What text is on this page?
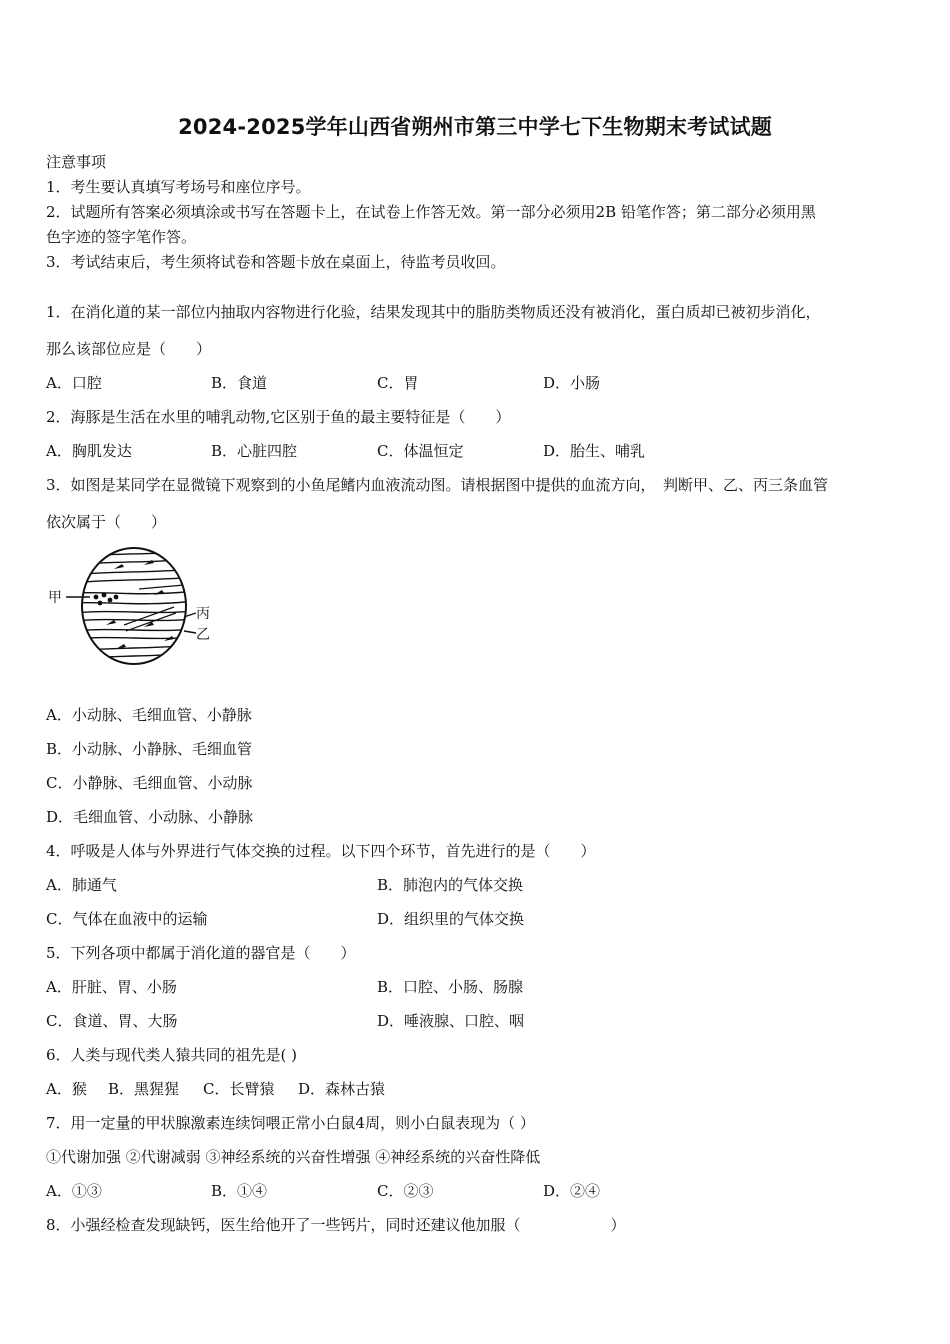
2024-2025学年山西省朔州市第三中学七下生物期末考试试题
注意事项
1．考生要认真填写考场号和座位序号。
2．试题所有答案必须填涂或书写在答题卡上，在试卷上作答无效。第一部分必须用2B 铅笔作答；第二部分必须用黑
色字迹的签字笔作答。
3．考试结束后，考生须将试卷和答题卡放在桌面上，待监考员收回。
1．在消化道的某一部位内抽取内容物进行化验，结果发现其中的脂肪类物质还没有被消化，蛋白质却已被初步消化，
那么该部位应是（　　）
A．口腔	B．食道	C．胃	D．小肠
2．海豚是生活在水里的哺乳动物,它区别于鱼的最主要特征是（　　）
A．胸肌发达	B．心脏四腔	C．体温恒定	D．胎生、哺乳
3．如图是某同学在显微镜下观察到的小鱼尾鳍内血液流动图。请根据图中提供的血流方向，　判断甲、乙、丙三条血管
依次属于（　　）
甲
丙
乙
A．小动脉、毛细血管、小静脉
B．小动脉、小静脉、毛细血管
C．小静脉、毛细血管、小动脉
D．毛细血管、小动脉、小静脉
4．呼吸是人体与外界进行气体交换的过程。以下四个环节，首先进行的是（　　）
A．肺通气	B．肺泡内的气体交换
C．气体在血液中的运输	D．组织里的气体交换
5．下列各项中都属于消化道的器官是（　　）
A．肝脏、胃、小肠	B．口腔、小肠、肠腺
C．食道、胃、大肠	D．唾液腺、口腔、咽
6．人类与现代类人猿共同的祖先是( )
A．猴 B．黑猩猩 C．长臂猿 D．森林古猿
7．用一定量的甲状腺激素连续饲喂正常小白鼠4周，则小白鼠表现为（ ）
①代谢加强 ②代谢减弱 ③神经系统的兴奋性增强 ④神经系统的兴奋性降低
A．①③	B．①④	C．②③	D．②④
8．小强经检查发现缺钙，医生给他开了一些钙片，同时还建议他加服（　　　　　　）
